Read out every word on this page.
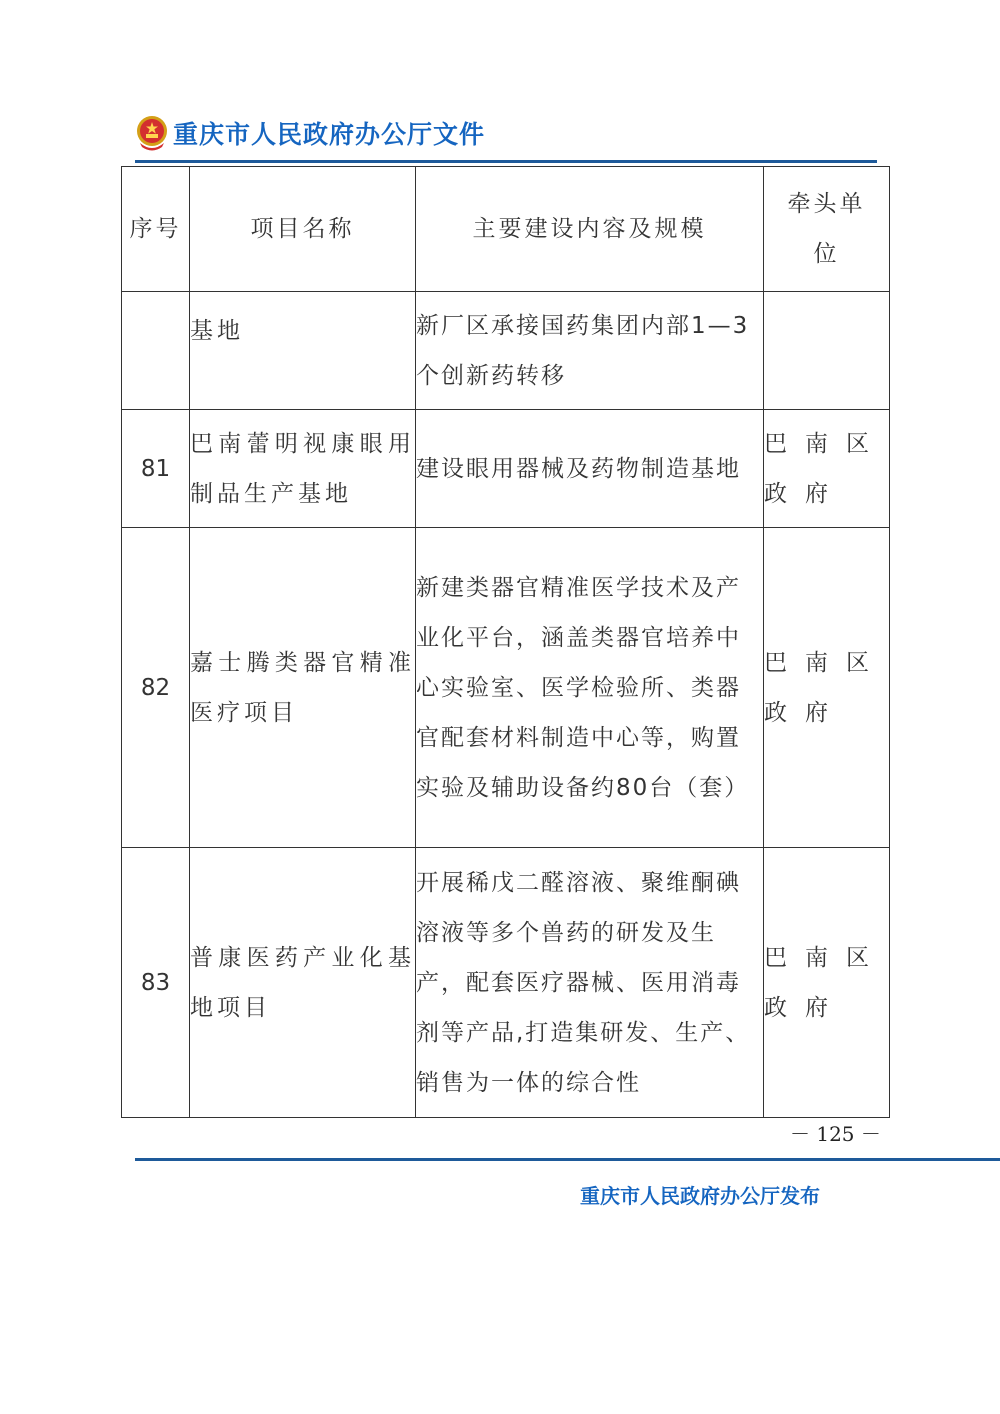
重庆市人民政府办公厅文件
序号	项目名称	主要建设内容及规模	牵头单位

	基地	新厂区承接国药集团内部1—3个创新药转移	

81	巴南蕾明视康眼用制品生产基地	建设眼用器械及药物制造基地	巴南区政府

82	嘉士腾类器官精准医疗项目	新建类器官精准医学技术及产业化平台，涵盖类器官培养中心实验室、医学检验所、类器官配套材料制造中心等，购置实验及辅助设备约80台（套）	巴南区政府

83	普康医药产业化基地项目	开展稀戊二醛溶液、聚维酮碘溶液等多个兽药的研发及生产，配套医疗器械、医用消毒剂等产品,打造集研发、生产、销售为一体的综合性	巴南区政府
－ 125 －
重庆市人民政府办公厅发布
